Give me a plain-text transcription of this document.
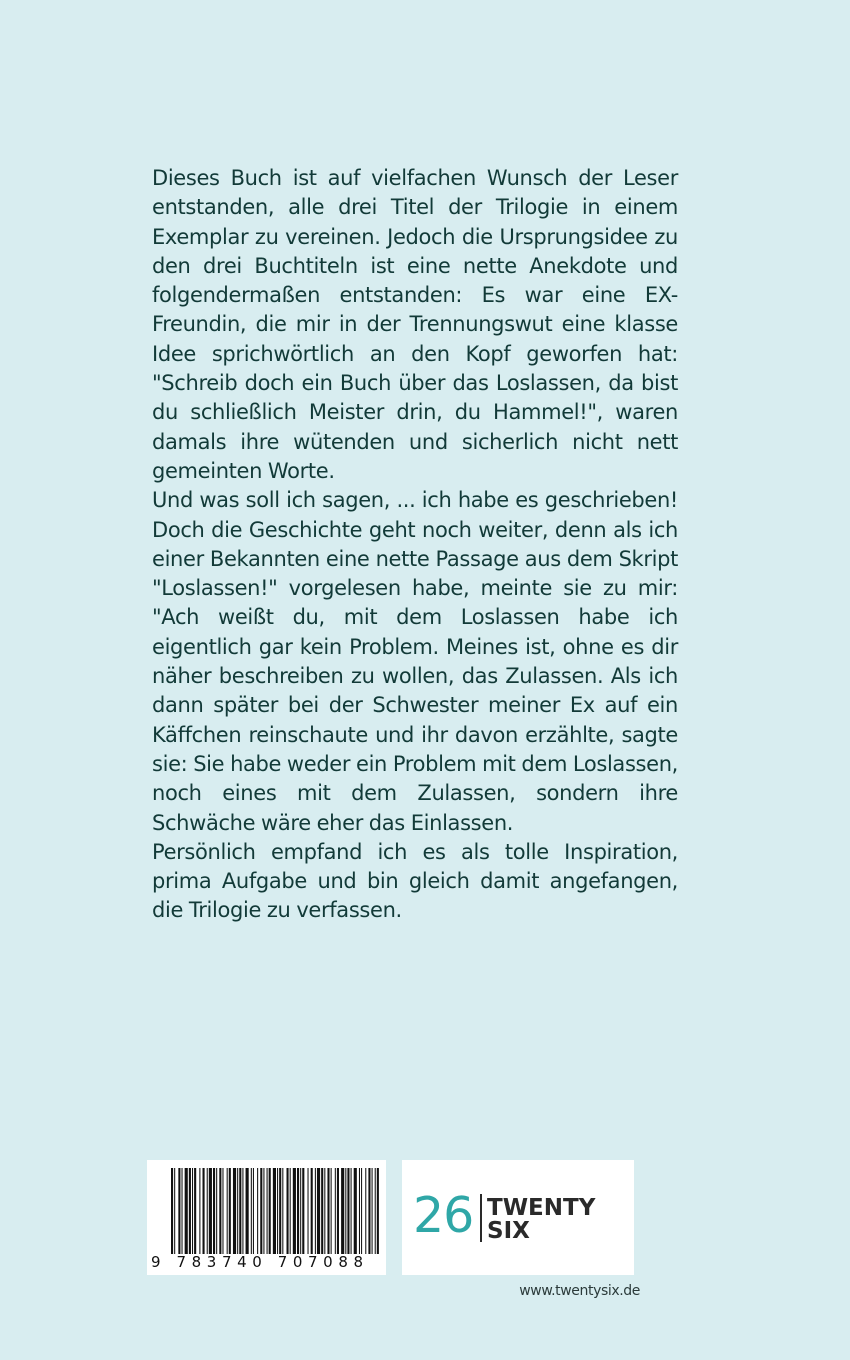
Dieses Buch ist auf vielfachen Wunsch der Leser entstanden, alle drei Titel der Trilogie in einem Exemplar zu vereinen. Jedoch die Ursprungsidee zu den drei Buchtiteln ist eine nette Anekdote und folgendermaßen entstanden: Es war eine EX-Freundin, die mir in der Trennungswut eine klasse Idee sprichwörtlich an den Kopf geworfen hat: "Schreib doch ein Buch über das Loslassen, da bist du schließlich Meister drin, du Hammel!", waren damals ihre wütenden und sicherlich nicht nett gemeinten Worte.

Und was soll ich sagen, ... ich habe es geschrieben! Doch die Geschichte geht noch weiter, denn als ich einer Bekannten eine nette Passage aus dem Skript "Loslassen!" vorgelesen habe, meinte sie zu mir: "Ach weißt du, mit dem Loslassen habe ich eigentlich gar kein Problem. Meines ist, ohne es dir näher beschreiben zu wollen, das Zulassen. Als ich dann später bei der Schwester meiner Ex auf ein Käffchen reinschaute und ihr davon erzählte, sagte sie: Sie habe weder ein Problem mit dem Loslassen, noch eines mit dem Zulassen, sondern ihre Schwäche wäre eher das Einlassen.

Persönlich empfand ich es als tolle Inspiration, prima Aufgabe und bin gleich damit angefangen, die Trilogie zu verfassen.

9 783740 707088
26 TWENTY
SIX
www.twentysix.de
